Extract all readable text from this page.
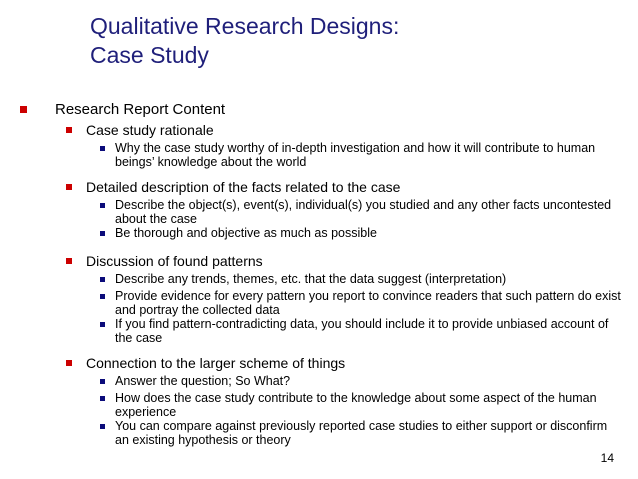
Qualitative Research Designs:
Case Study
Research Report Content
Case study rationale
Why the case study worthy of in-depth investigation and how it will contribute to human
beings’ knowledge about the world
Detailed description of the facts related to the case
Describe the object(s), event(s), individual(s) you studied and any other facts uncontested
about the case
Be thorough and objective as much as possible
Discussion of found patterns
Describe any trends, themes, etc. that the data suggest (interpretation)
Provide evidence for every pattern you report to convince readers that such pattern do exist
and portray the collected data
If you find pattern-contradicting data, you should include it to provide unbiased account of
the case
Connection to the larger scheme of things
Answer the question; So What?
How does the case study contribute to the knowledge about some aspect of the human
experience
You can compare against previously reported case studies to either support or disconfirm
an existing hypothesis or theory
14
